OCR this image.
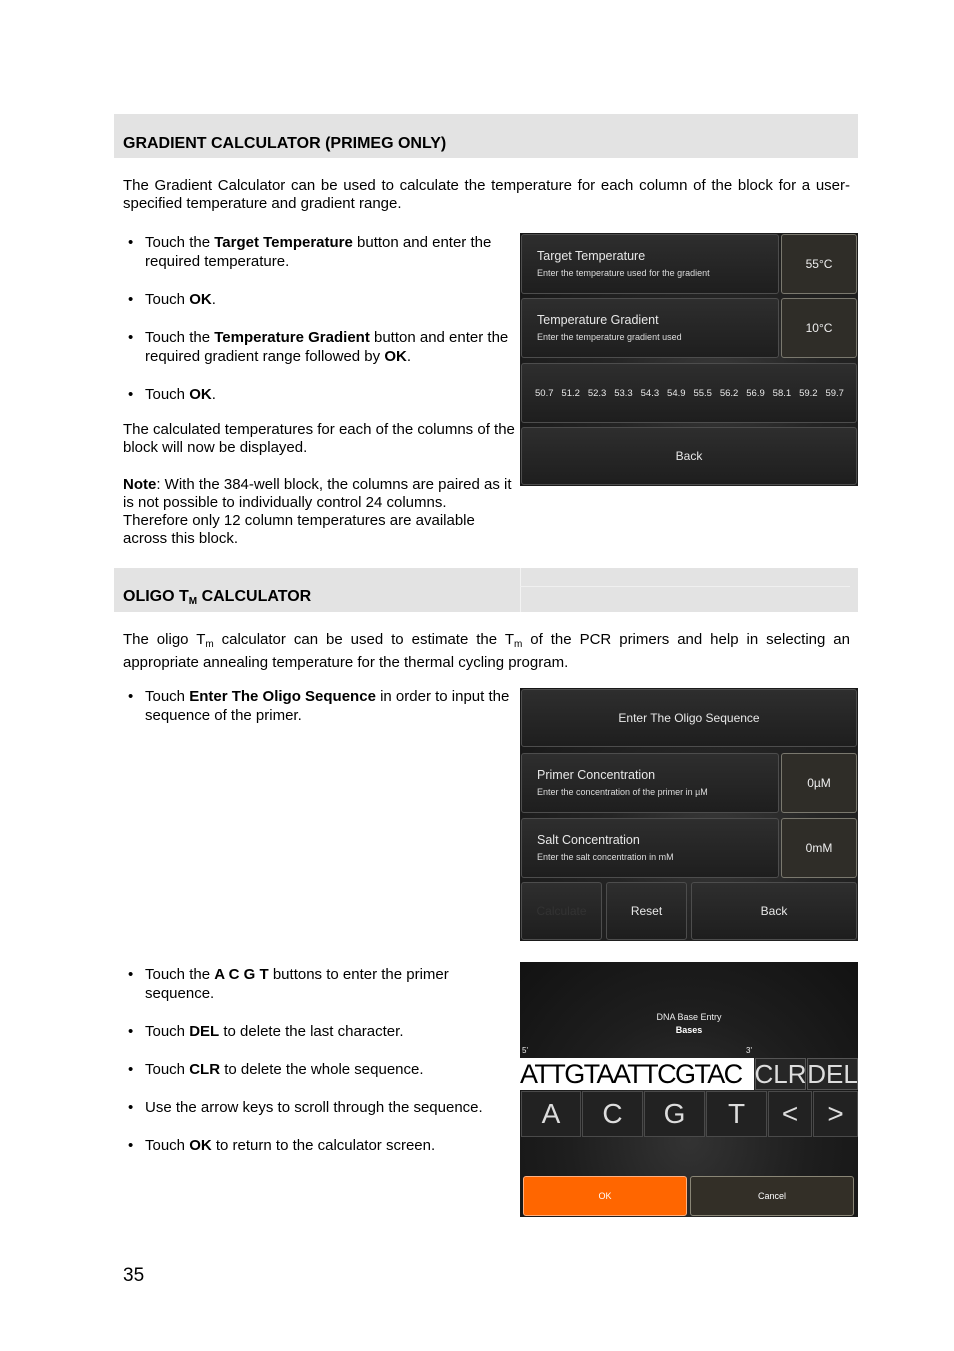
GRADIENT CALCULATOR (PRIMEG ONLY)
The Gradient Calculator can be used to calculate the temperature for each column of the block for a user-specified temperature and gradient range.
• Touch the Target Temperature button and enter the required temperature.
• Touch OK.
• Touch the Temperature Gradient button and enter the required gradient range followed by OK.
• Touch OK.
The calculated temperatures for each of the columns of the block will now be displayed.
Note: With the 384-well block, the columns are paired as it is not possible to individually control 24 columns. Therefore only 12 column temperatures are available across this block.
Target Temperature
Enter the temperature used for the gradient
55°C
Temperature Gradient
Enter the temperature gradient used
10°C
50.7 51.2 52.3 53.3 54.3 54.9 55.5 56.2 56.9 58.1 59.2 59.7
Back
OLIGO $T_M$ CALCULATOR
The oligo $T_m$ calculator can be used to estimate the $T_m$ of the PCR primers and help in selecting an appropriate annealing temperature for the thermal cycling program.
• Touch Enter The Oligo Sequence in order to input the sequence of the primer.	Enter The Oligo Sequence
Primer Concentration
Enter the concentration of the primer in µM
0µM
Salt Concentration
Enter the salt concentration in mM
0mM
Calculate	Reset	Back
• Touch the A C G T buttons to enter the primer sequence.
• Touch DEL to delete the last character.
• Touch CLR to delete the whole sequence.
• Use the arrow keys to scroll through the sequence.
• Touch OK to return to the calculator screen.
DNA Base Entry
Bases
5'	3'
ATTGTAATTCGTAC CLR DEL
A	C	G	T	<	>
OK	Cancel
35
